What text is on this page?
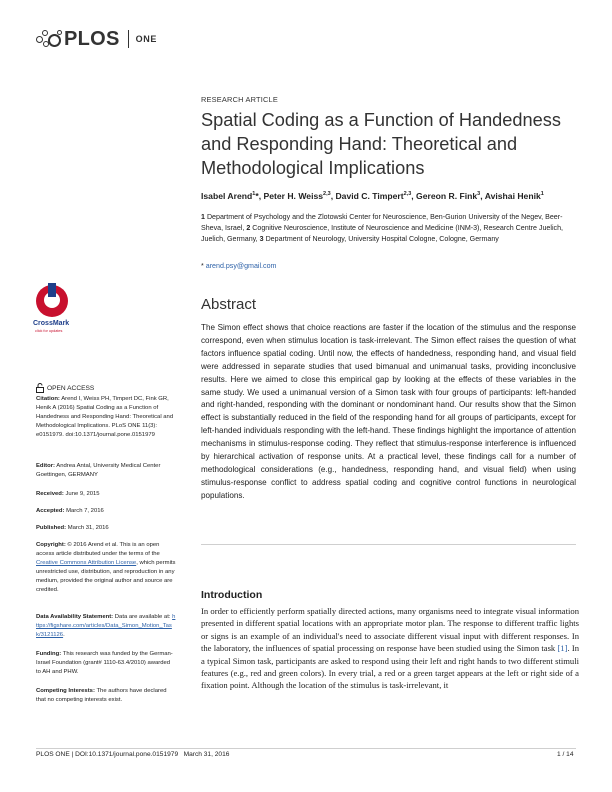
PLOS ONE
RESEARCH ARTICLE
Spatial Coding as a Function of Handedness and Responding Hand: Theoretical and Methodological Implications
Isabel Arend$^1$*, Peter H. Weiss$^{2,3}$, David C. Timpert$^{2,3}$, Gereon R. Fink$^3$, Avishai Henik$^1$
1 Department of Psychology and the Zlotowski Center for Neuroscience, Ben-Gurion University of the Negev, Beer-Sheva, Israel, 2 Cognitive Neuroscience, Institute of Neuroscience and Medicine (INM-3), Research Centre Juelich, Juelich, Germany, 3 Department of Neurology, University Hospital Cologne, Cologne, Germany
* arend.psy@gmail.com
Abstract
The Simon effect shows that choice reactions are faster if the location of the stimulus and the response correspond, even when stimulus location is task-irrelevant. The Simon effect raises the question of what factors influence spatial coding. Until now, the effects of handedness, responding hand, and visual field were addressed in separate studies that used bimanual and unimanual tasks, providing inconclusive results. Here we aimed to close this empirical gap by looking at the effects of these variables in the same study. We used a unimanual version of a Simon task with four groups of participants: left-handed and right-handed, responding with the dominant or nondominant hand. Our results show that the Simon effect is substantially reduced in the field of the responding hand for all groups of participants, except for left-handed individuals responding with the left-hand. These findings highlight the importance of attention mechanisms in stimulus-response coding. They reflect that stimulus-response interference is influenced by hierarchical activation of response units. At a practical level, these findings call for a number of methodological considerations (e.g., handedness, responding hand, and visual field) when using stimulus-response conflict to address spatial coding and cognitive control functions in neurological populations.
Introduction
In order to efficiently perform spatially directed actions, many organisms need to integrate visual information presented in different spatial locations with an appropriate motor plan. The response to different traffic lights or signs is an example of an individual's need to associate different visual input with different responses. In the laboratory, the influences of spatial processing on response have been studied using the Simon task [1]. In a typical Simon task, participants are asked to respond using their left and right hands to two different stimuli features (e.g., red and green colors). In every trial, a red or a green target appears at the left or right side of a fixation point. Although the location of the stimulus is task-irrelevant, it
CrossMark
click for updates
OPEN ACCESS
Citation: Arend I, Weiss PH, Timpert DC, Fink GR, Henik A (2016) Spatial Coding as a Function of Handedness and Responding Hand: Theoretical and Methodological Implications. PLoS ONE 11(3): e0151979. doi:10.1371/journal.pone.0151979
Editor: Andrea Antal, University Medical Center Goettingen, GERMANY
Received: June 9, 2015
Accepted: March 7, 2016
Published: March 31, 2016
Copyright: © 2016 Arend et al. This is an open access article distributed under the terms of the Creative Commons Attribution License, which permits unrestricted use, distribution, and reproduction in any medium, provided the original author and source are credited.
Data Availability Statement: Data are available at: https://figshare.com/articles/Data_Simon_Motion_Task/3121126.
Funding: This research was funded by the German-Israel Foundation (grant# 1110-63.4/2010) awarded to AH and PHW.
Competing Interests: The authors have declared that no competing interests exist.
PLOS ONE | DOI:10.1371/journal.pone.0151979   March 31, 2016	1 / 14
